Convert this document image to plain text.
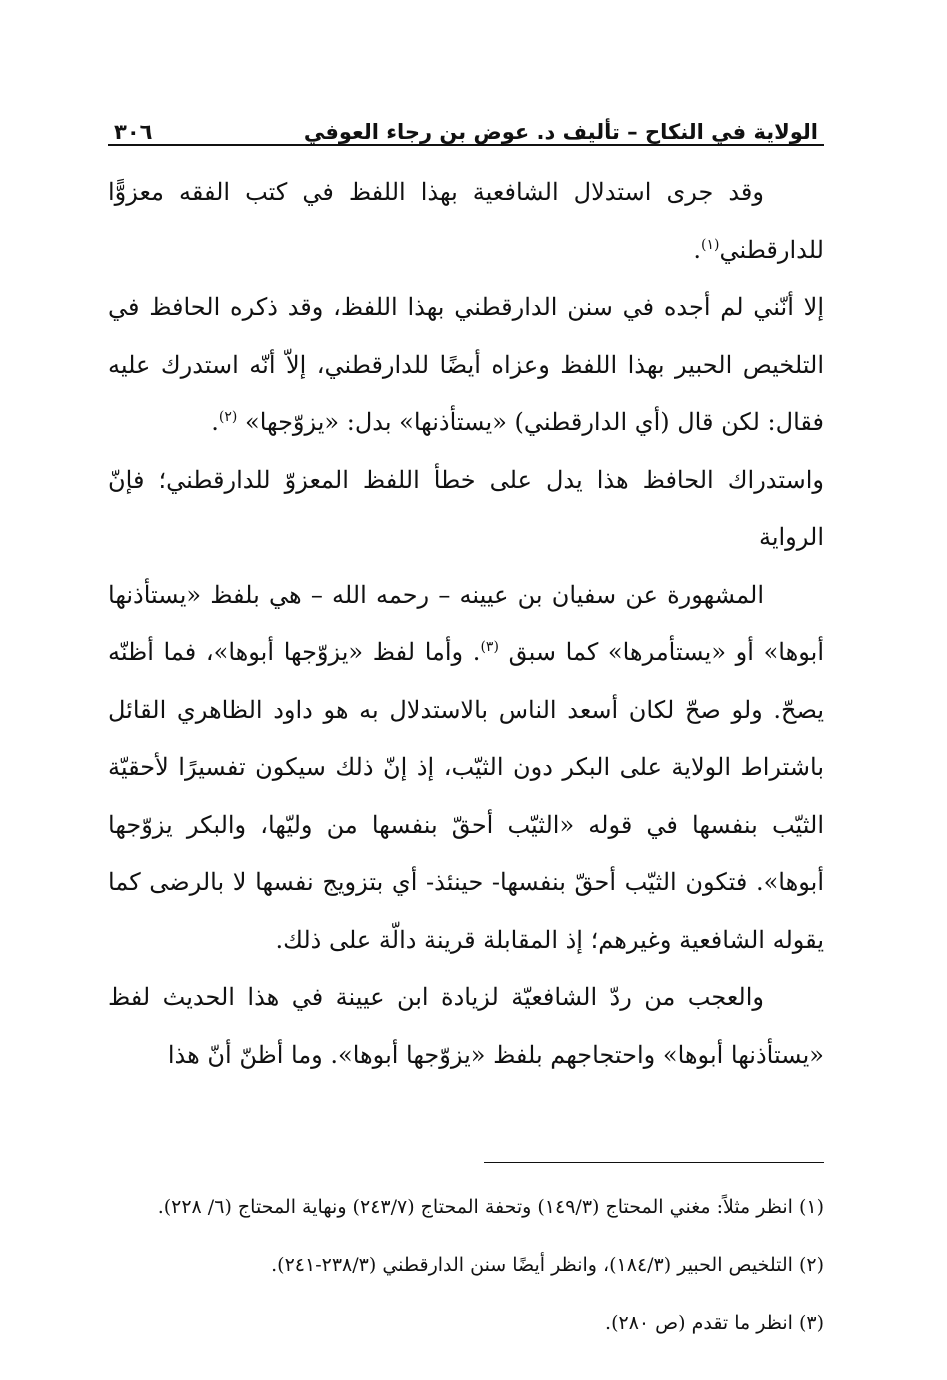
الولاية في النكاح – تأليف د. عوض بن رجاء العوفي
٣٠٦

وقد جرى استدلال الشافعية بهذا اللفظ في كتب الفقه معزوًّا للدارقطني$^{(١)}$.

إلا أنّني لم أجده في سنن الدارقطني بهذا اللفظ، وقد ذكره الحافظ في التلخيص الحبير بهذا اللفظ وعزاه أيضًا للدارقطني، إلاّ أنّه استدرك عليه فقال: لكن قال (أي الدارقطني) «يستأذنها» بدل: «يزوّجها» $^{(٢)}$.

واستدراك الحافظ هذا يدل على خطأ اللفظ المعزوّ للدارقطني؛ فإنّ الرواية

المشهورة عن سفيان بن عيينه – رحمه الله – هي بلفظ «يستأذنها أبوها» أو «يستأمرها» كما سبق $^{(٣)}$. وأما لفظ «يزوّجها أبوها»، فما أظنّه يصحّ. ولو صحّ لكان أسعد الناس بالاستدلال به هو داود الظاهري القائل باشتراط الولاية على البكر دون الثيّب، إذ إنّ ذلك سيكون تفسيرًا لأحقيّة الثيّب بنفسها في قوله «الثيّب أحقّ بنفسها من وليّها، والبكر يزوّجها أبوها». فتكون الثيّب أحقّ بنفسها- حينئذ- أي بتزويج نفسها لا بالرضى كما يقوله الشافعية وغيرهم؛ إذ المقابلة قرينة دالّة على ذلك.

والعجب من ردّ الشافعيّة لزيادة ابن عيينة في هذا الحديث لفظ «يستأذنها أبوها» واحتجاجهم بلفظ «يزوّجها أبوها». وما أظنّ أنّ هذا

(١) انظر مثلاً: مغني المحتاج (١٤٩/٣) وتحفة المحتاج (٢٤٣/٧) ونهاية المحتاج (٦/ ٢٢٨).

(٢) التلخيص الحبير (١٨٤/٣)، وانظر أيضًا سنن الدارقطني (٢٣٨/٣-٢٤١).

(٣) انظر ما تقدم (ص ٢٨٠).
